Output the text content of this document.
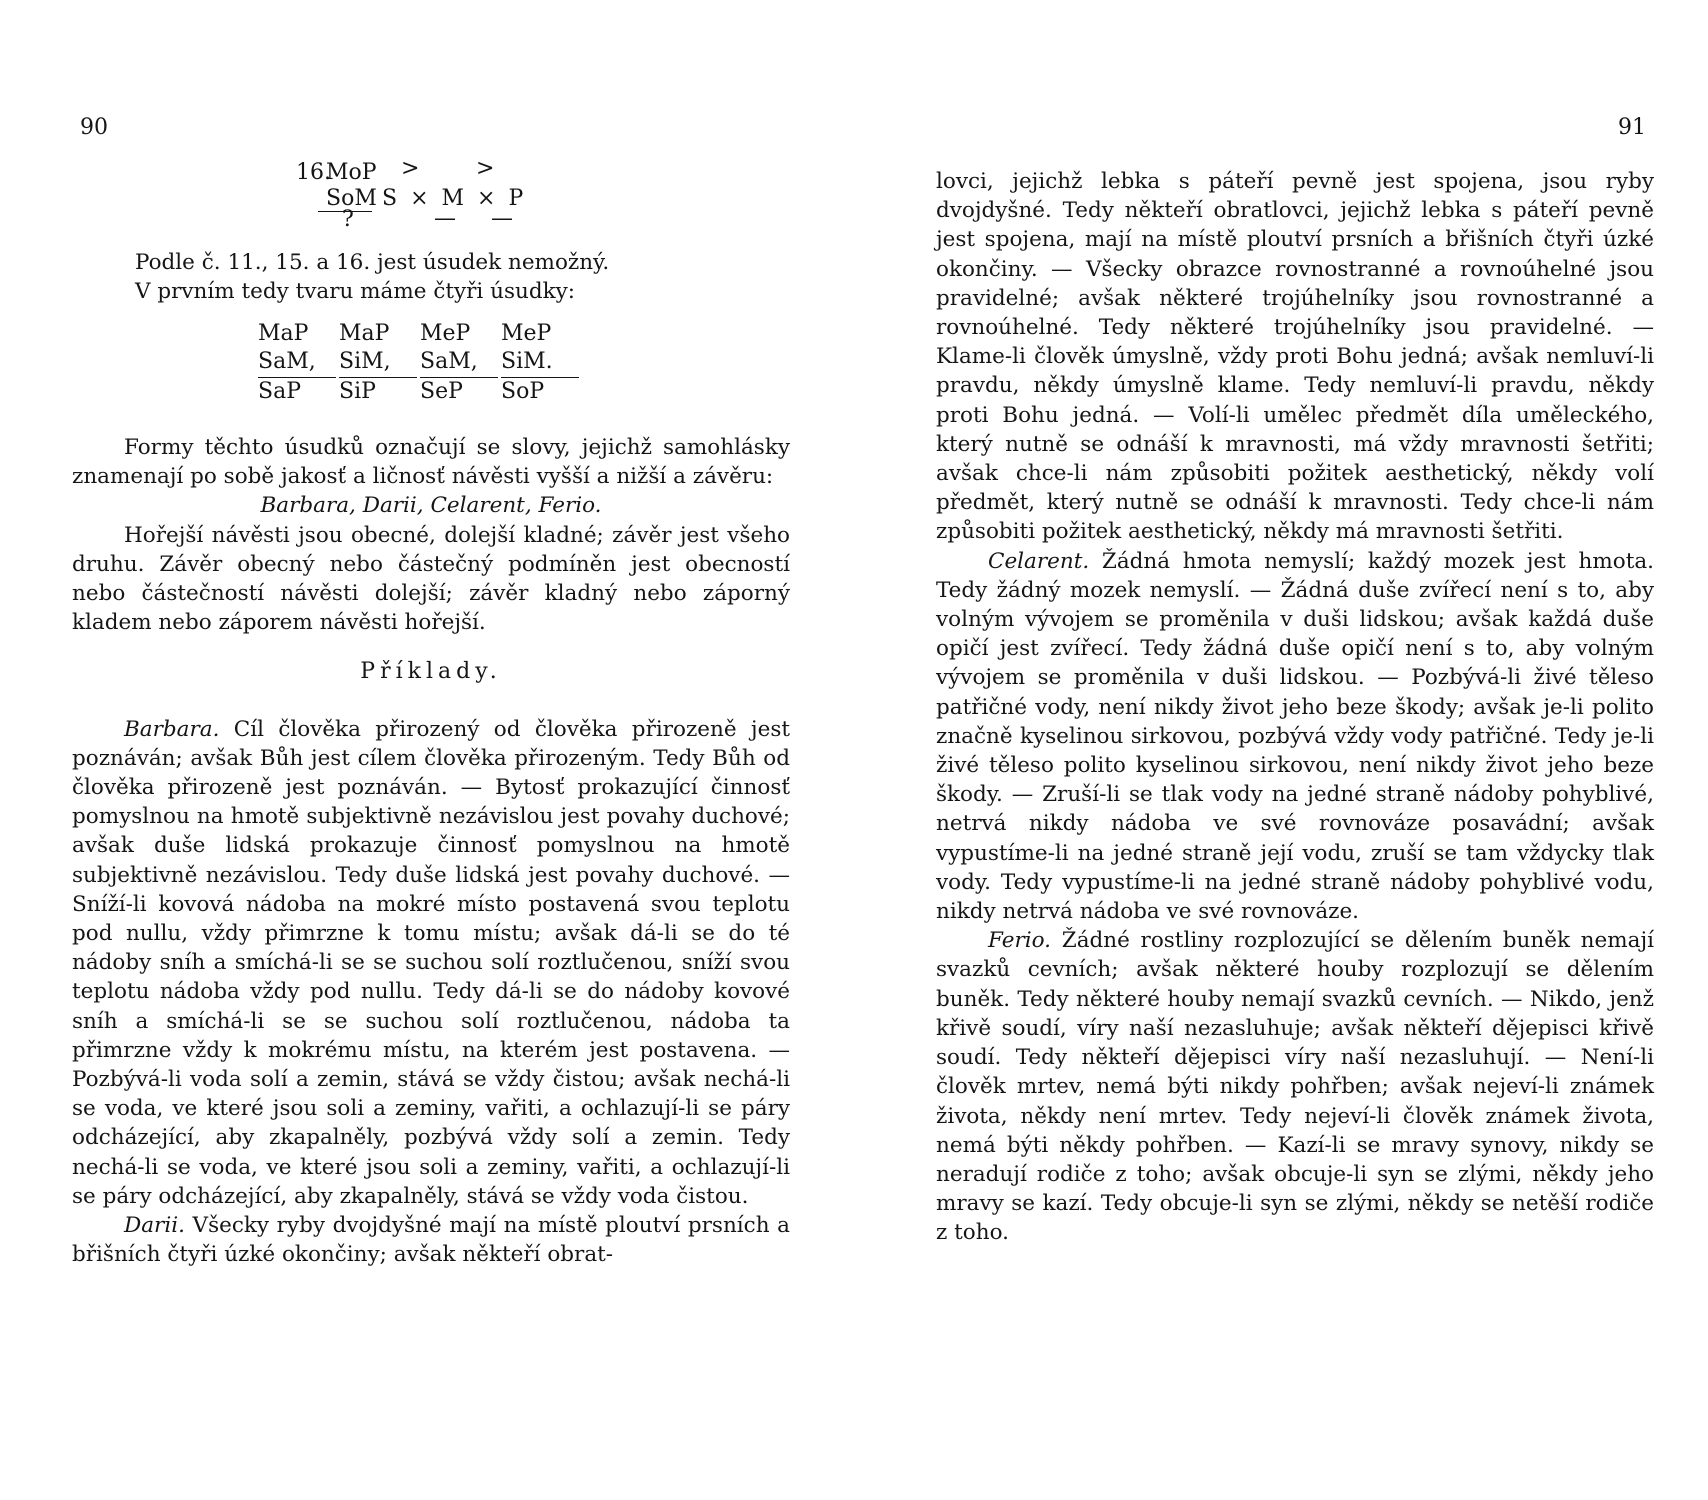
90
16.
MoP
SoM
?
>	>
S × M × P
— —
Podle č. 11., 15. a 16. jest úsudek nemožný.
V prvním tedy tvaru máme čtyři úsudky:
MaP
SaM,
SaP
MaP
SiM,
SiP
MeP
SaM,
SeP
MeP
SiM.
SoP

Formy těchto úsudků označují se slovy, jejichž samohlásky znamenají po sobě jakosť a ličnosť návěsti vyšší a nižší a závěru:

Barbara, Darii, Celarent, Ferio.

Hořejší návěsti jsou obecné, dolejší kladné; závěr jest všeho druhu. Závěr obecný nebo částečný podmíněn jest obecností nebo částečností návěsti dolejší; závěr kladný nebo záporný kladem nebo záporem návěsti hořejší.

Příklady.

Barbara. Cíl člověka přirozený od člověka přirozeně jest poznáván; avšak Bůh jest cílem člověka přirozeným. Tedy Bůh od člověka přirozeně jest poznáván. — Bytosť prokazující činnosť pomyslnou na hmotě subjektivně nezávislou jest povahy duchové; avšak duše lidská prokazuje činnosť pomyslnou na hmotě subjektivně nezávislou. Tedy duše lidská jest povahy duchové. — Sníží-li kovová nádoba na mokré místo postavená svou teplotu pod nullu, vždy přimrzne k tomu místu; avšak dá-li se do té nádoby sníh a smíchá-li se se suchou solí roztlučenou, sníží svou teplotu nádoba vždy pod nullu. Tedy dá-li se do nádoby kovové sníh a smíchá-li se se suchou solí roztlučenou, nádoba ta přimrzne vždy k mokrému místu, na kterém jest postavena. — Pozbývá-li voda solí a zemin, stává se vždy čistou; avšak nechá-li se voda, ve které jsou soli a zeminy, vařiti, a ochlazují-li se páry odcházející, aby zkapalněly, pozbývá vždy solí a zemin. Tedy nechá-li se voda, ve které jsou soli a zeminy, vařiti, a ochlazují-li se páry odcházející, aby zkapalněly, stává se vždy voda čistou.

Darii. Všecky ryby dvojdyšné mají na místě ploutví prsních a břišních čtyři úzké okončiny; avšak někteří obrat-

91

lovci, jejichž lebka s páteří pevně jest spojena, jsou ryby dvojdyšné. Tedy někteří obratlovci, jejichž lebka s páteří pevně jest spojena, mají na místě ploutví prsních a břišních čtyři úzké okončiny. — Všecky obrazce rovnostranné a rovnoúhelné jsou pravidelné; avšak některé trojúhelníky jsou rovnostranné a rovnoúhelné. Tedy některé trojúhelníky jsou pravidelné. — Klame-li člověk úmyslně, vždy proti Bohu jedná; avšak nemluví-li pravdu, někdy úmyslně klame. Tedy nemluví-li pravdu, někdy proti Bohu jedná. — Volí-li umělec předmět díla uměleckého, který nutně se odnáší k mravnosti, má vždy mravnosti šetřiti; avšak chce-li nám způsobiti požitek aesthetický, někdy volí předmět, který nutně se odnáší k mravnosti. Tedy chce-li nám způsobiti požitek aesthetický, někdy má mravnosti šetřiti.

Celarent. Žádná hmota nemyslí; každý mozek jest hmota. Tedy žádný mozek nemyslí. — Žádná duše zvířecí není s to, aby volným vývojem se proměnila v duši lidskou; avšak každá duše opičí jest zvířecí. Tedy žádná duše opičí není s to, aby volným vývojem se proměnila v duši lidskou. — Pozbývá-li živé těleso patřičné vody, není nikdy život jeho beze škody; avšak je-li polito značně kyselinou sirkovou, pozbývá vždy vody patřičné. Tedy je-li živé těleso polito kyselinou sirkovou, není nikdy život jeho beze škody. — Zruší-li se tlak vody na jedné straně nádoby pohyblivé, netrvá nikdy nádoba ve své rovnováze posavádní; avšak vypustíme-li na jedné straně její vodu, zruší se tam vždycky tlak vody. Tedy vypustíme-li na jedné straně nádoby pohyblivé vodu, nikdy netrvá nádoba ve své rovnováze.

Ferio. Žádné rostliny rozplozující se dělením buněk nemají svazků cevních; avšak některé houby rozplozují se dělením buněk. Tedy některé houby nemají svazků cevních. — Nikdo, jenž křivě soudí, víry naší nezasluhuje; avšak někteří dějepisci křivě soudí. Tedy někteří dějepisci víry naší nezasluhují. — Není-li člověk mrtev, nemá býti nikdy pohřben; avšak nejeví-li známek života, někdy není mrtev. Tedy nejeví-li člověk známek života, nemá býti někdy pohřben. — Kazí-li se mravy synovy, nikdy se neradují rodiče z toho; avšak obcuje-li syn se zlými, někdy jeho mravy se kazí. Tedy obcuje-li syn se zlými, někdy se netěší rodiče z toho.
